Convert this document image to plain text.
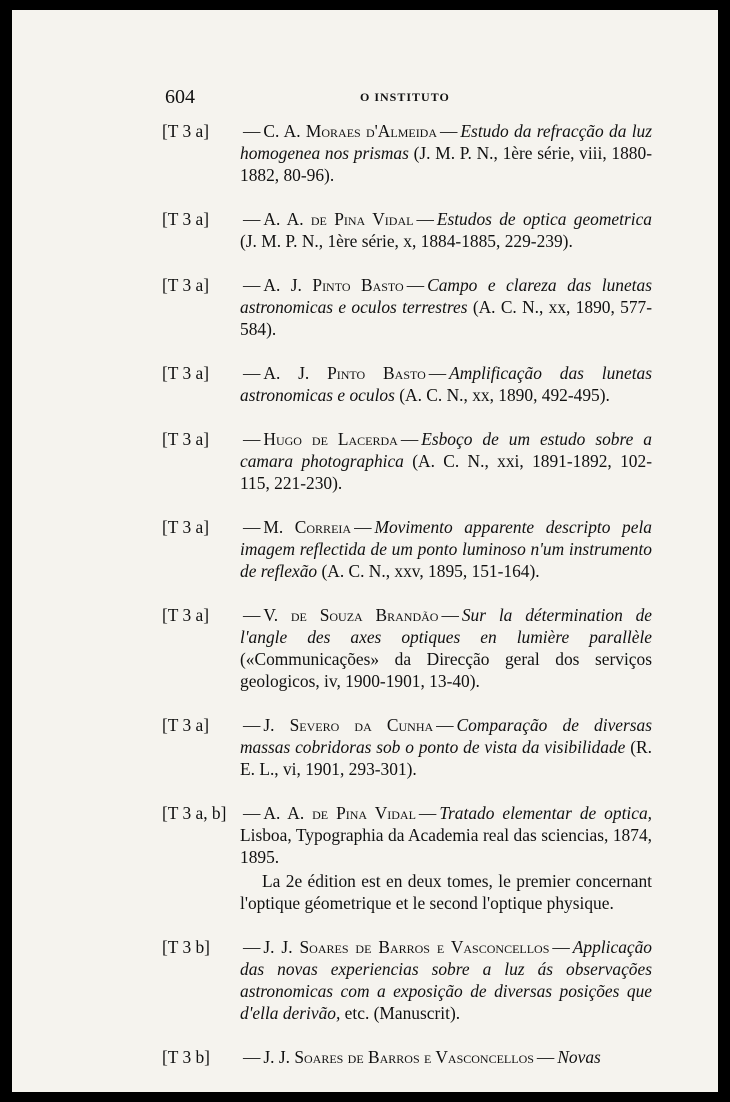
604	O INSTITUTO
[T 3 a] — C. A. Moraes d'Almeida — Estudo da refracção da luz homogenea nos prismas (J. M. P. N., 1ère série, viii, 1880-1882, 80-96).
[T 3 a] — A. A. de Pina Vidal — Estudos de optica geometrica (J. M. P. N., 1ère série, x, 1884-1885, 229-239).
[T 3 a] — A. J. Pinto Basto — Campo e clareza das lunetas astronomicas e oculos terrestres (A. C. N., xx, 1890, 577-584).
[T 3 a] — A. J. Pinto Basto — Amplificação das lunetas astronomicas e oculos (A. C. N., xx, 1890, 492-495).
[T 3 a] — Hugo de Lacerda — Esboço de um estudo sobre a camara photographica (A. C. N., xxi, 1891-1892, 102-115, 221-230).
[T 3 a] — M. Correia — Movimento apparente descripto pela imagem reflectida de um ponto luminoso n'um instrumento de reflexão (A. C. N., xxv, 1895, 151-164).
[T 3 a] — V. de Souza Brandão — Sur la détermination de l'angle des axes optiques en lumière parallèle («Communicações» da Direcção geral dos serviços geologicos, iv, 1900-1901, 13-40).
[T 3 a] — J. Severo da Cunha — Comparação de diversas massas cobridoras sob o ponto de vista da visibilidade (R. E. L., vi, 1901, 293-301).
[T 3 a, b] — A. A. de Pina Vidal — Tratado elementar de optica, Lisboa, Typographia da Academia real das sciencias, 1874, 1895.
La 2e édition est en deux tomes, le premier concernant l'optique géometrique et le second l'optique physique.
[T 3 b] — J. J. Soares de Barros e Vasconcellos — Applicação das novas experiencias sobre a luz ás observações astronomicas com a exposição de diversas posições que d'ella derivão, etc. (Manuscrit).
[T 3 b] — J. J. Soares de Barros e Vasconcellos — Novas
